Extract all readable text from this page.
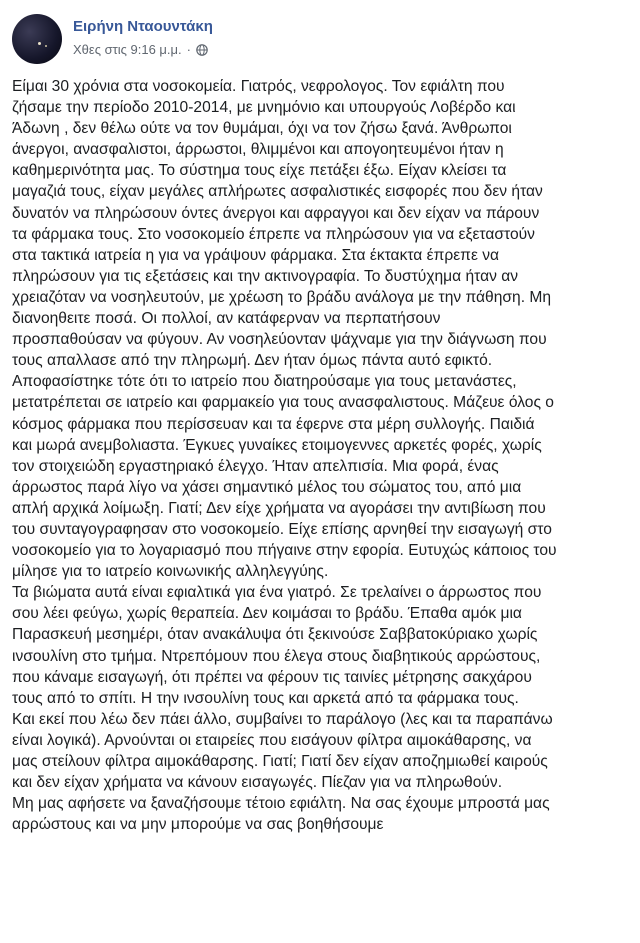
Ειρήνη Νταουντάκη
Χθες στις 9:16 μ.μ. ·
Είμαι 30 χρόνια στα νοσοκομεία. Γιατρός, νεφρολογος. Τον εφιάλτη που
ζήσαμε την περίοδο 2010-2014, με μνημόνιο και υπουργούς Λοβέρδο και
Άδωνη , δεν θέλω ούτε να τον θυμάμαι, όχι να τον ζήσω ξανά. Άνθρωποι
άνεργοι, ανασφαλιστοι, άρρωστοι, θλιμμένοι και απογοητευμένοι ήταν η
καθημερινότητα μας. Το σύστημα τους είχε πετάξει έξω. Είχαν κλείσει τα
μαγαζιά τους, είχαν μεγάλες απλήρωτες ασφαλιστικές εισφορές που δεν ήταν
δυνατόν να πληρώσουν όντες άνεργοι και αφραγγοι και δεν είχαν να πάρουν
τα φάρμακα τους. Στο νοσοκομείο έπρεπε να πληρώσουν για να εξεταστούν
στα τακτικά ιατρεία η για να γράψουν φάρμακα. Στα έκτακτα έπρεπε να
πληρώσουν για τις εξετάσεις και την ακτινογραφία. Το δυστύχημα ήταν αν
χρειαζόταν να νοσηλευτούν, με χρέωση το βράδυ ανάλογα με την πάθηση. Μη
διανοηθειτε ποσά. Οι πολλοί, αν κατάφερναν να περπατήσουν
προσπαθούσαν να φύγουν. Αν νοσηλεύονταν ψάχναμε για την διάγνωση που
τους απαλλασε από την πληρωμή. Δεν ήταν όμως πάντα αυτό εφικτό.
Αποφασίστηκε τότε ότι το ιατρείο που διατηρούσαμε για τους μετανάστες,
μετατρέπεται σε ιατρείο και φαρμακείο για τους ανασφαλιστους. Μάζευε όλος ο
κόσμος φάρμακα που περίσσευαν και τα έφερνε στα μέρη συλλογής. Παιδιά
και μωρά ανεμβολιαστα. Έγκυες γυναίκες ετοιμογεννες αρκετές φορές, χωρίς
τον στοιχειώδη εργαστηριακό έλεγχο. Ήταν απελπισία. Μια φορά, ένας
άρρωστος παρά λίγο να χάσει σημαντικό μέλος του σώματος του, από μια
απλή αρχικά λοίμωξη. Γιατί; Δεν είχε χρήματα να αγοράσει την αντιβίωση που
του συνταγογραφησαν στο νοσοκομείο. Είχε επίσης αρνηθεί την εισαγωγή στο
νοσοκομείο για το λογαριασμό που πήγαινε στην εφορία. Ευτυχώς κάποιος του
μίλησε για το ιατρείο κοινωνικής αλληλεγγύης.
Τα βιώματα αυτά είναι εφιαλτικά για ένα γιατρό. Σε τρελαίνει ο άρρωστος που
σου λέει φεύγω, χωρίς θεραπεία. Δεν κοιμάσαι το βράδυ. Έπαθα αμόκ μια
Παρασκευή μεσημέρι, όταν ανακάλυψα ότι ξεκινούσε Σαββατοκύριακο χωρίς
ινσουλίνη στο τμήμα. Ντρεπόμουν που έλεγα στους διαβητικούς αρρώστους,
που κάναμε εισαγωγή, ότι πρέπει να φέρουν τις ταινίες μέτρησης σακχάρου
τους από το σπίτι. Η την ινσουλίνη τους και αρκετά από τα φάρμακα τους.
Και εκεί που λέω δεν πάει άλλο, συμβαίνει το παράλογο (λες και τα παραπάνω
είναι λογικά). Αρνούνται οι εταιρείες που εισάγουν φίλτρα αιμοκάθαρσης, να
μας στείλουν φίλτρα αιμοκάθαρσης. Γιατί; Γιατί δεν είχαν αποζημιωθεί καιρούς
και δεν είχαν χρήματα να κάνουν εισαγωγές. Πίεζαν για να πληρωθούν.
Μη μας αφήσετε να ξαναζήσουμε τέτοιο εφιάλτη. Να σας έχουμε μπροστά μας
αρρώστους και να μην μπορούμε να σας βοηθήσουμε
